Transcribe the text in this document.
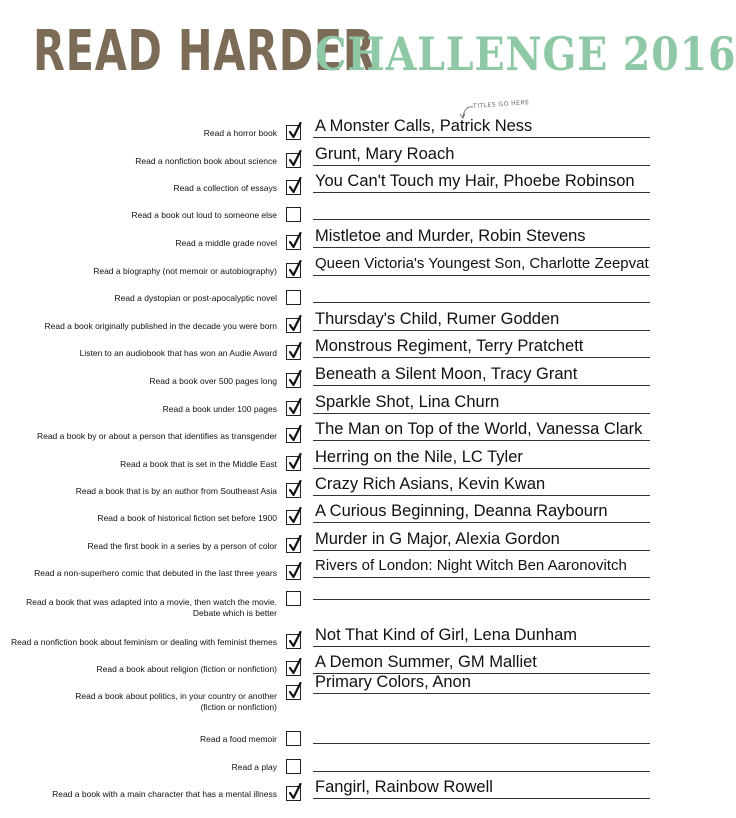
READ HARDER
CHALLENGE 2016
TITLES GO HERE
Read a horror book A Monster Calls, Patrick Ness
Read a nonfiction book about science Grunt, Mary Roach
Read a collection of essays You Can't Touch my Hair, Phoebe Robinson
Read a book out loud to someone else
Read a middle grade novel Mistletoe and Murder, Robin Stevens
Read a biography (not memoir or autobiography)	Queen Victoria's Youngest Son, Charlotte Zeepvat
Read a dystopian or post-apocalyptic novel
Read a book originally published in the decade you were born Thursday's Child, Rumer Godden
Listen to an audiobook that has won an Audie Award Monstrous Regiment, Terry Pratchett
Read a book over 500 pages long Beneath a Silent Moon, Tracy Grant
Read a book under 100 pages Sparkle Shot, Lina Churn
Read a book by or about a person that identifies as transgender The Man on Top of the World, Vanessa Clark
Read a book that is set in the Middle East Herring on the Nile, LC Tyler
Read a book that is by an author from Southeast Asia Crazy Rich Asians, Kevin Kwan
Read a book of historical fiction set before 1900 A Curious Beginning, Deanna Raybourn
Read the first book in a series by a person of color Murder in G Major, Alexia Gordon
Read a non-superhero comic that debuted in the last three years	Rivers of London: Night Witch Ben Aaronovitch
Read a book that was adapted into a movie, then watch the movie.
Debate which is better
Read a nonfiction book about feminism or dealing with feminist themes Not That Kind of Girl, Lena Dunham
Read a book about religion (fiction or nonfiction) A Demon Summer, GM Malliet
Read a book about politics, in your country or another
(fiction or nonfiction)
Primary Colors, Anon
Read a food memoir
Read a play
Read a book with a main character that has a mental illness Fangirl, Rainbow Rowell
